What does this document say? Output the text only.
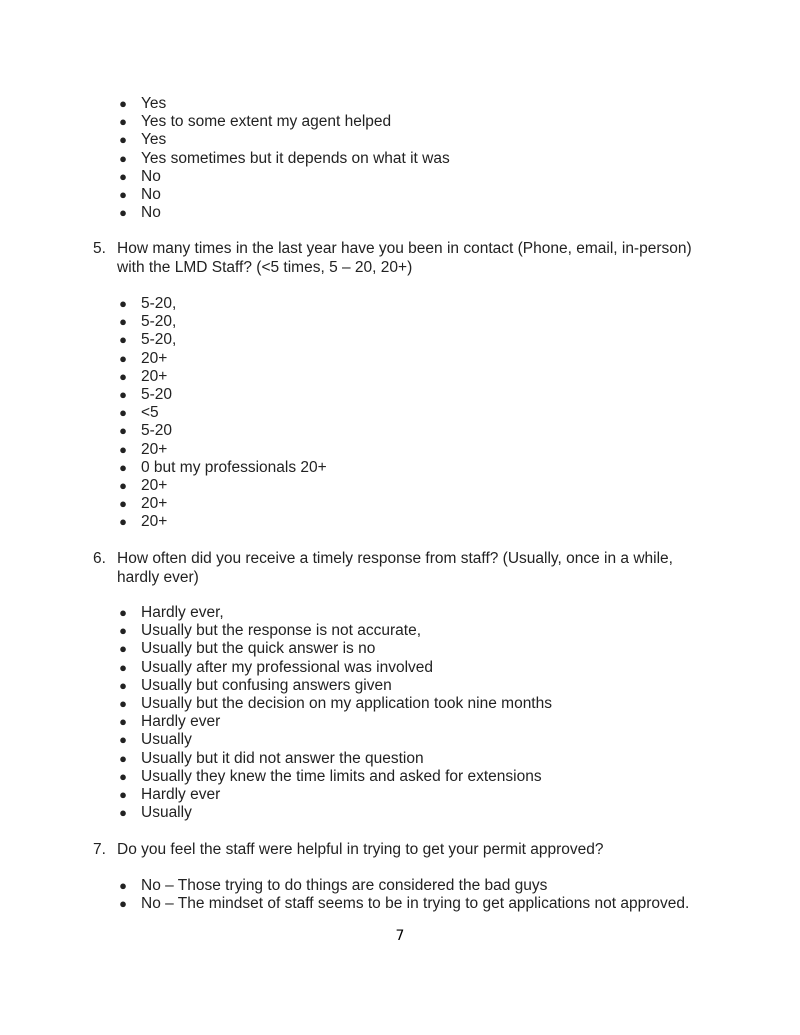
● Yes
● Yes to some extent my agent helped
● Yes
● Yes sometimes but it depends on what it was
● No
● No
● No
5. How many times in the last year have you been in contact (Phone, email, in-person) with the LMD Staff? (<5 times, 5 – 20, 20+)
● 5-20,
● 5-20,
● 5-20,
● 20+
● 20+
● 5-20
● <5
● 5-20
● 20+
● 0 but my professionals 20+
● 20+
● 20+
● 20+
6. How often did you receive a timely response from staff? (Usually, once in a while, hardly ever)
● Hardly ever,
● Usually but the response is not accurate,
● Usually but the quick answer is no
● Usually after my professional was involved
● Usually but confusing answers given
● Usually but the decision on my application took nine months
● Hardly ever
● Usually
● Usually but it did not answer the question
● Usually they knew the time limits and asked for extensions
● Hardly ever
● Usually
7. Do you feel the staff were helpful in trying to get your permit approved?
● No – Those trying to do things are considered the bad guys
● No – The mindset of staff seems to be in trying to get applications not approved.
7
